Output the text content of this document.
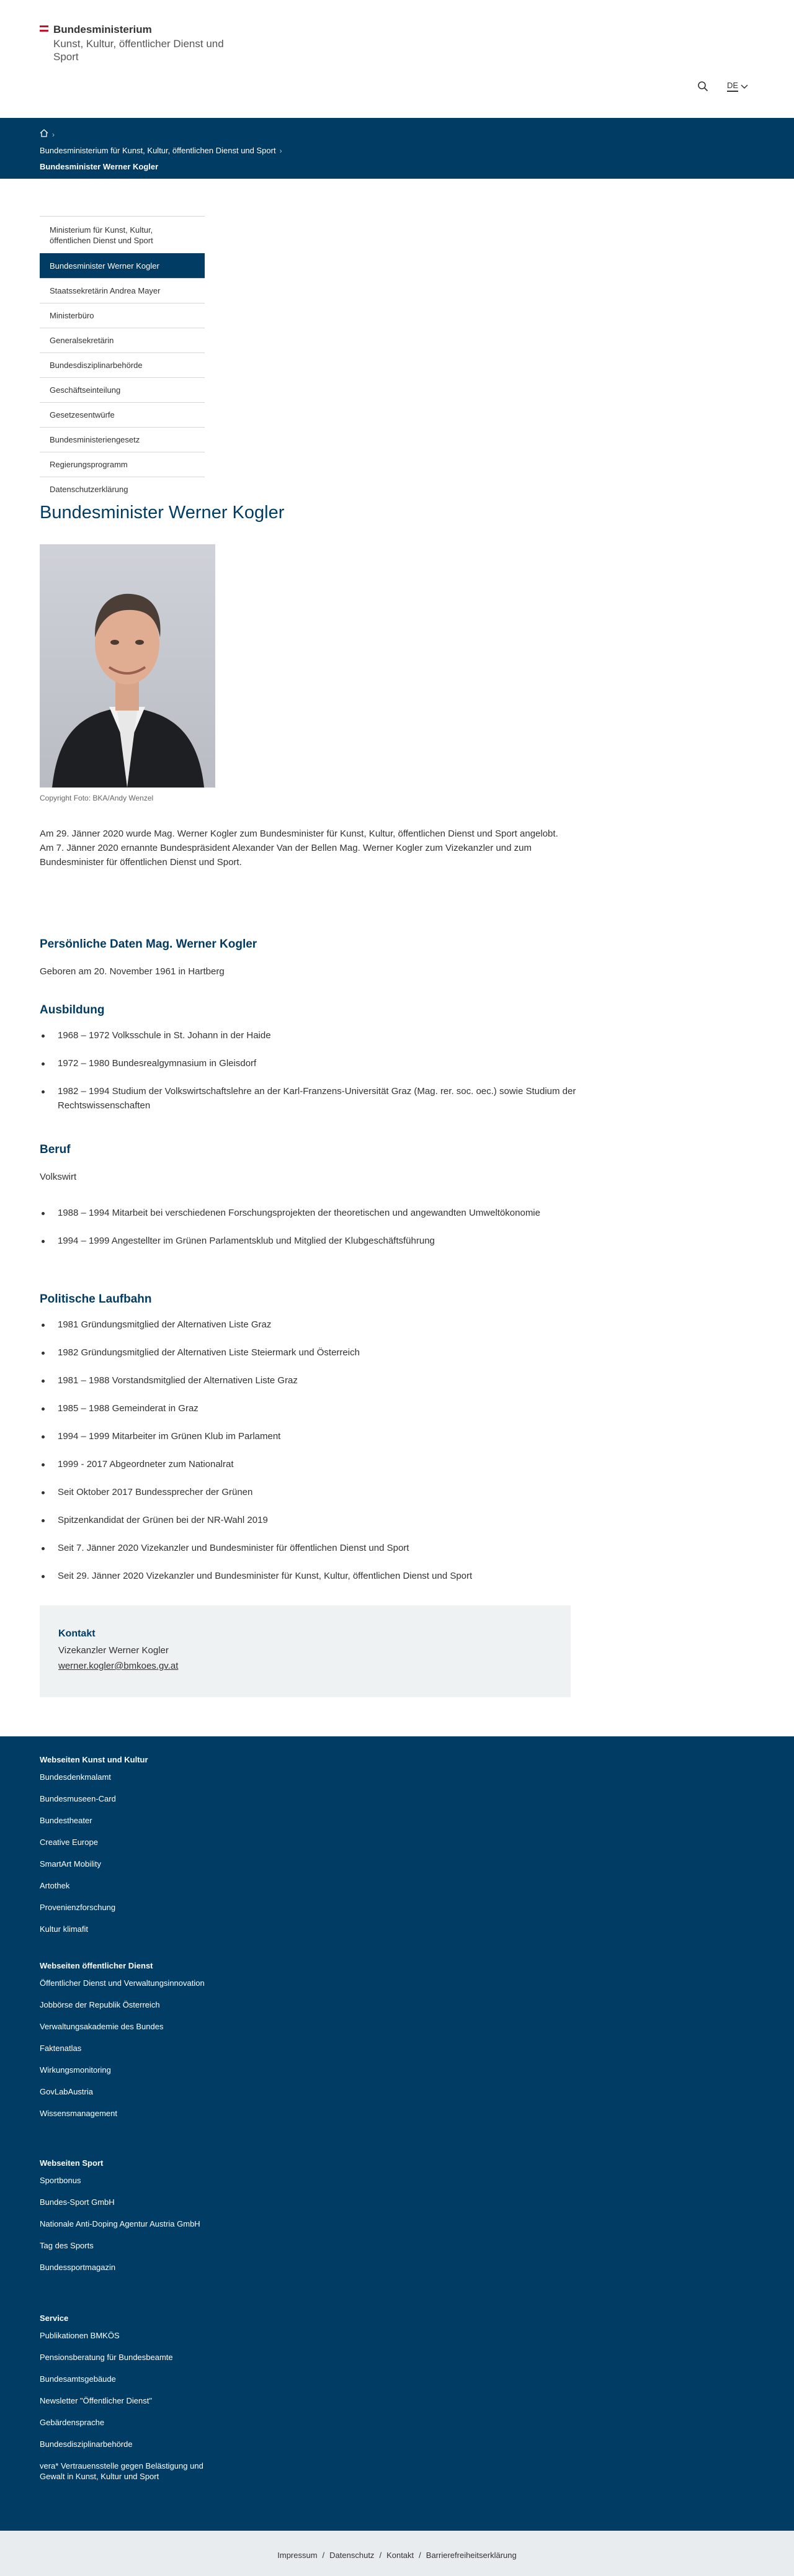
Bundesministerium
Kunst, Kultur, öffentlicher Dienst und Sport
DE
›
Bundesministerium für Kunst, Kultur, öffentlichen Dienst und Sport ›
Bundesminister Werner Kogler
Ministerium für Kunst, Kultur, öffentlichen Dienst und Sport
Bundesminister Werner Kogler
Staatssekretärin Andrea Mayer
Ministerbüro
Generalsekretärin
Bundesdisziplinarbehörde
Geschäftseinteilung
Gesetzesentwürfe
Bundesministeriengesetz
Regierungsprogramm
Datenschutzerklärung
Bundesminister Werner Kogler
Copyright Foto: BKA/Andy Wenzel
Am 29. Jänner 2020 wurde Mag. Werner Kogler zum Bundesminister für Kunst, Kultur, öffentlichen Dienst und Sport angelobt.
Am 7. Jänner 2020 ernannte Bundespräsident Alexander Van der Bellen Mag. Werner Kogler zum Vizekanzler und zum Bundesminister für öffentlichen Dienst und Sport.
Persönliche Daten Mag. Werner Kogler

Geboren am 20. November 1961 in Hartberg

Ausbildung
1968 – 1972 Volksschule in St. Johann in der Haide
1972 – 1980 Bundesrealgymnasium in Gleisdorf
1982 – 1994 Studium der Volkswirtschaftslehre an der Karl-Franzens-Universität Graz (Mag. rer. soc. oec.) sowie Studium der Rechtswissenschaften
Beruf

Volkswirt

1988 – 1994 Mitarbeit bei verschiedenen Forschungsprojekten der theoretischen und angewandten Umweltökonomie
1994 – 1999 Angestellter im Grünen Parlamentsklub und Mitglied der Klubgeschäftsführung
Politische Laufbahn
1981 Gründungsmitglied der Alternativen Liste Graz
1982 Gründungsmitglied der Alternativen Liste Steiermark und Österreich
1981 – 1988 Vorstandsmitglied der Alternativen Liste Graz
1985 – 1988 Gemeinderat in Graz
1994 – 1999 Mitarbeiter im Grünen Klub im Parlament
1999 - 2017 Abgeordneter zum Nationalrat
Seit Oktober 2017 Bundessprecher der Grünen
Spitzenkandidat der Grünen bei der NR-Wahl 2019
Seit 7. Jänner 2020 Vizekanzler und Bundesminister für öffentlichen Dienst und Sport
Seit 29. Jänner 2020 Vizekanzler und Bundesminister für Kunst, Kultur, öffentlichen Dienst und Sport
Kontakt
Vizekanzler Werner Kogler
werner.kogler@bmkoes.gv.at
Webseiten Kunst und Kultur
Bundesdenkmalamt
Bundesmuseen-Card
Bundestheater
Creative Europe
SmartArt Mobility
Artothek
Provenienzforschung
Kultur klimafit
Webseiten öffentlicher Dienst
Öffentlicher Dienst und Verwaltungsinnovation
Jobbörse der Republik Österreich
Verwaltungsakademie des Bundes
Faktenatlas
Wirkungsmonitoring
GovLabAustria
Wissensmanagement
Webseiten Sport
Sportbonus
Bundes-Sport GmbH
Nationale Anti-Doping Agentur Austria GmbH
Tag des Sports
Bundessportmagazin
Service
Publikationen BMKÖS
Pensionsberatung für Bundesbeamte
Bundesamtsgebäude
Newsletter "Öffentlicher Dienst"
Gebärdensprache
Bundesdisziplinarbehörde
vera* Vertrauensstelle gegen Belästigung und Gewalt in Kunst, Kultur und Sport
Impressum / Datenschutz / Kontakt / Barrierefreiheitserklärung
